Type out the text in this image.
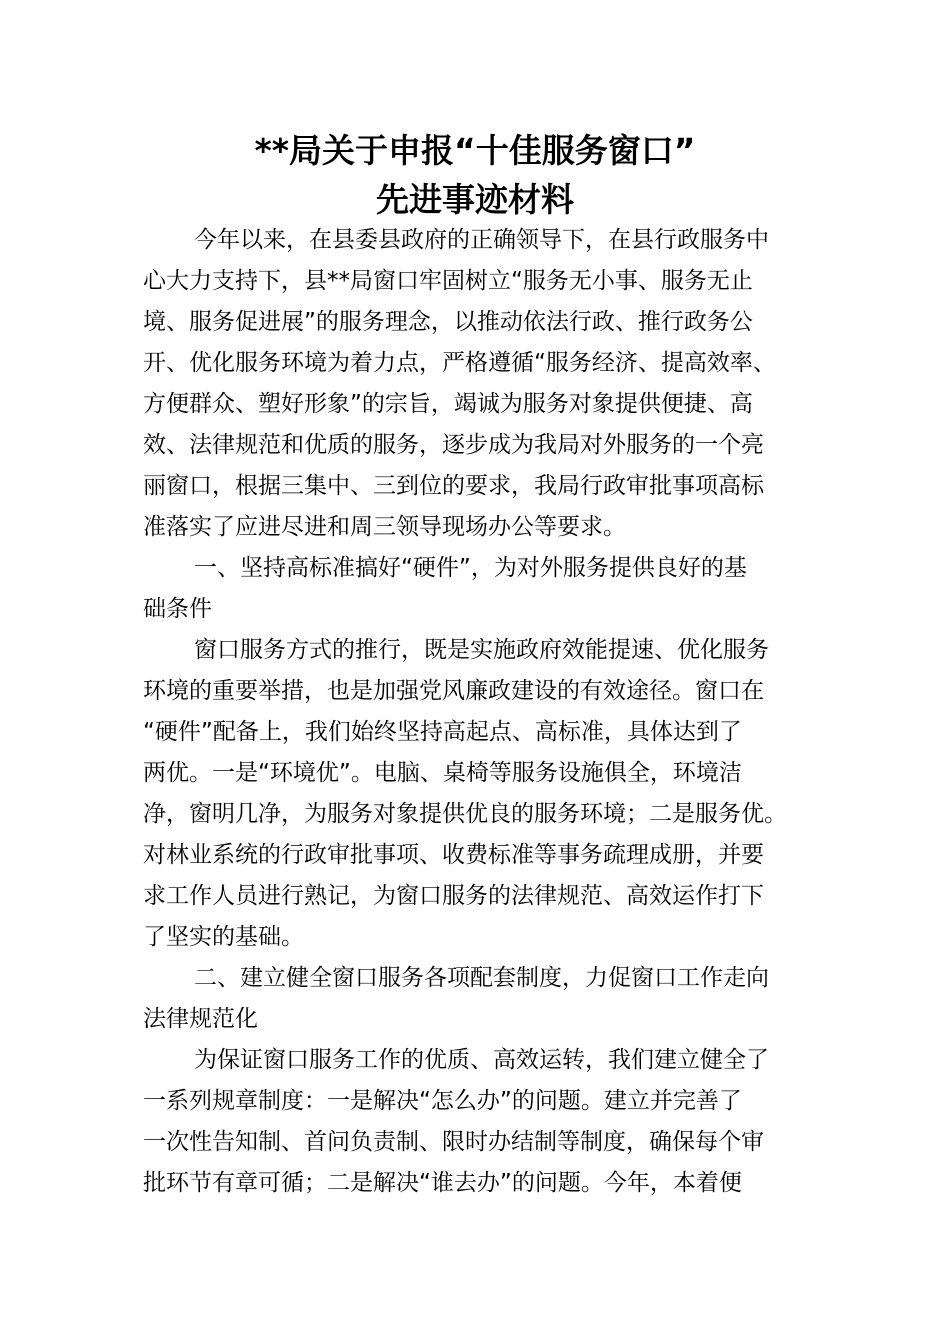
**局关于申报“十佳服务窗口”
先进事迹材料
今年以来，在县委县政府的正确领导下，在县行政服务中
心大力支持下，县**局窗口牢固树立“服务无小事、服务无止
境、服务促进展”的服务理念，以推动依法行政、推行政务公
开、优化服务环境为着力点，严格遵循“服务经济、提高效率、
方便群众、塑好形象”的宗旨，竭诚为服务对象提供便捷、高
效、法律规范和优质的服务，逐步成为我局对外服务的一个亮
丽窗口，根据三集中、三到位的要求，我局行政审批事项高标
准落实了应进尽进和周三领导现场办公等要求。
一、坚持高标准搞好“硬件”，为对外服务提供良好的基
础条件
窗口服务方式的推行，既是实施政府效能提速、优化服务
环境的重要举措，也是加强党风廉政建设的有效途径。窗口在
“硬件”配备上，我们始终坚持高起点、高标准，具体达到了
两优。一是“环境优”。电脑、桌椅等服务设施俱全，环境洁
净，窗明几净，为服务对象提供优良的服务环境；二是服务优。
对林业系统的行政审批事项、收费标准等事务疏理成册，并要
求工作人员进行熟记，为窗口服务的法律规范、高效运作打下
了坚实的基础。
二、建立健全窗口服务各项配套制度，力促窗口工作走向
法律规范化
为保证窗口服务工作的优质、高效运转，我们建立健全了
一系列规章制度：一是解决“怎么办”的问题。建立并完善了
一次性告知制、首问负责制、限时办结制等制度，确保每个审
批环节有章可循；二是解决“谁去办”的问题。今年，本着便
